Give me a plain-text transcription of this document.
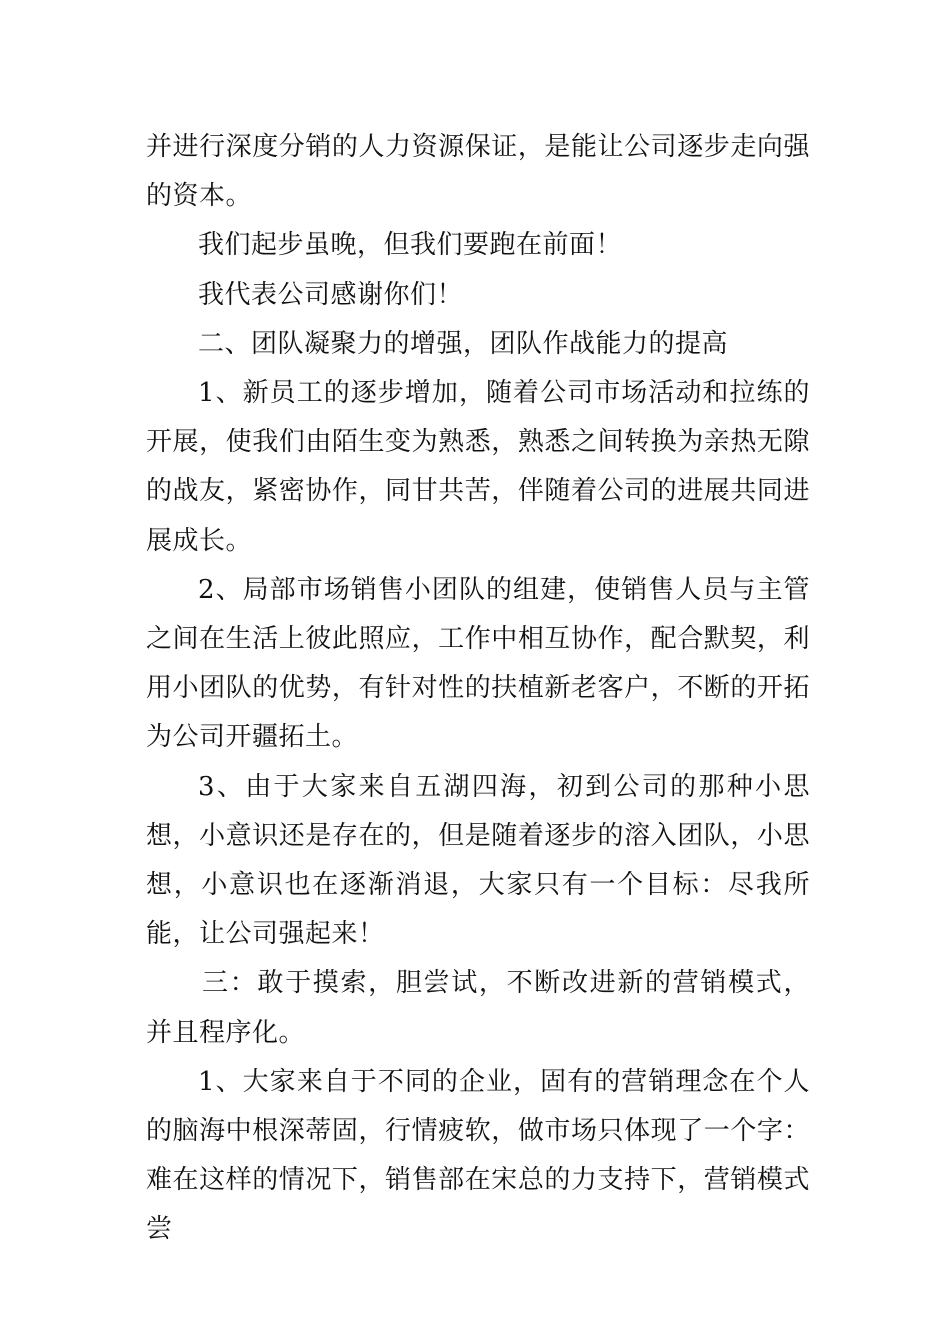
并进行深度分销的人力资源保证，是能让公司逐步走向强的资本。

我们起步虽晚，但我们要跑在前面！

我代表公司感谢你们！

二、团队凝聚力的增强，团队作战能力的提高

1、新员工的逐步增加，随着公司市场活动和拉练的开展，使我们由陌生变为熟悉，熟悉之间转换为亲热无隙的战友，紧密协作，同甘共苦，伴随着公司的进展共同进展成长。

2、局部市场销售小团队的组建，使销售人员与主管之间在生活上彼此照应，工作中相互协作，配合默契，利用小团队的优势，有针对性的扶植新老客户，不断的开拓为公司开疆拓土。

3、由于大家来自五湖四海，初到公司的那种小思想，小意识还是存在的，但是随着逐步的溶入团队，小思想，小意识也在逐渐消退，大家只有一个目标：尽我所能，让公司强起来！

三：敢于摸索，胆尝试，不断改进新的营销模式，并且程序化。

1、大家来自于不同的企业，固有的营销理念在个人的脑海中根深蒂固，行情疲软，做市场只体现了一个字：难在这样的情况下，销售部在宋总的力支持下，营销模式尝
